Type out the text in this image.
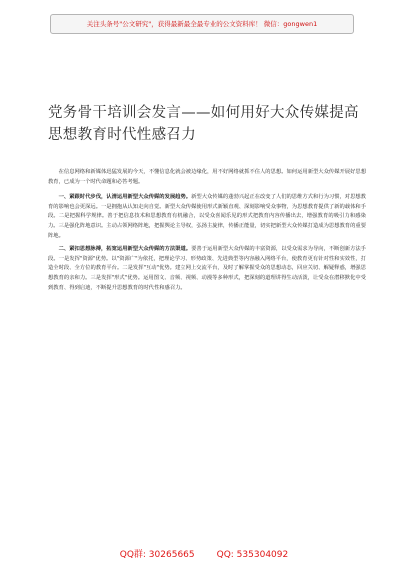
关注头条号"公文研究"，获得最新最全最专业的公文资料库！ 微信：gongwen1
党务骨干培训会发言——如何用好大众传媒提高思想教育时代性感召力

在信息网络和新媒体迅猛发展的今天，不懂信息化就会被边缘化，用不好网络就抓不住人的思想。如何运用新型大众传媒开展好思想教育，已成为一个时代命题和必答考题。

一、紧跟时代步伐，认清运用新型大众传媒的发展趋势。新型大众传媒的蓬勃兴起正在改变了人们的思维方式和行为习惯，对思想教育的影响也会更深远。一是拥抱从认知走向自觉。新型大众传媒使用形式新颖直观、深刻影响受众事物，为思想教育提供了新的载体和手段。二是把握科学规律。善于把信息技术和思想教育有机融合，以受众喜闻乐见的形式把教育内容传播出去，增强教育的吸引力和感染力。三是强化阵地意识。主动占领网络阵地，把握舆论主导权，弘扬主旋律，传播正能量，切实把新型大众传媒打造成为思想教育的重要阵地。

二、紧扣思想脉搏，拓宽运用新型大众传媒的方法渠道。要善于运用新型大众传媒的丰富资源，以受众需求为导向，不断创新方法手段。一是发挥"资源"优势。以"资源广"为依托，把理论学习、形势政策、先进典型等内容融入网络平台，使教育更有针对性和实效性，打造全时段、全方位的教育平台。二是发挥"互动"优势。建立网上交流平台，及时了解掌握受众的思想动态，回应关切、解疑释惑，增强思想教育的亲和力。三是发挥"形式"优势。运用图文、音频、视频、动漫等多种形式，把深刻的道理讲得生动活泼，让受众在潜移默化中受到教育、得到启迪，不断提升思想教育的时代性和感召力。

QQ群: 30265665 QQ: 535304092
